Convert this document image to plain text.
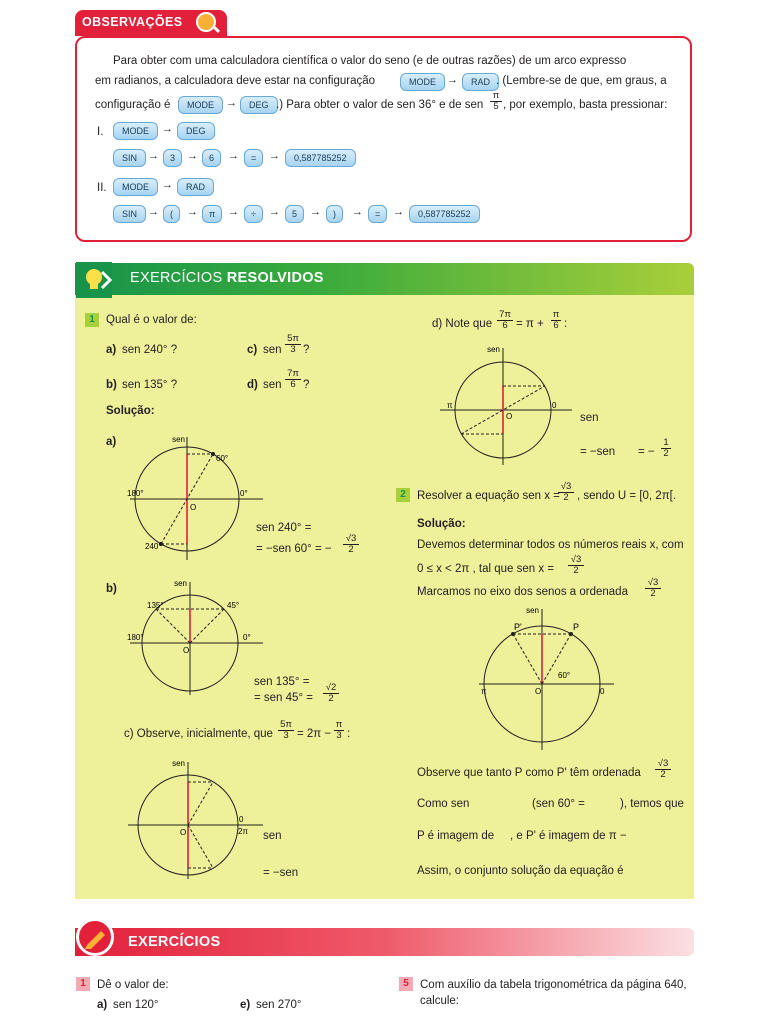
OBSERVAÇÕES
Para obter com uma calculadora científica o valor do seno (e de outras razões) de um arco expresso
em radianos, a calculadora deve estar na configuração	MODE	→	RAD . (Lembre-se de que, em graus, a
configuração é	MODE	→	DEG .) Para obter o valor de sen 36° e de sen $\frac{\pi}{5}$ , por exemplo, basta pressionar:
I.	MODE	→	DEG
SIN →	3	→	6	→	=	→	0,587785252
II.	MODE	→	RAD
SIN →	(	→	π	→	÷	→	5	→	)	→	=	→	0,587785252
EXERCÍCIOS RESOLVIDOS
1 Qual é o valor de:
a) sen 240° ?
b) sen 135° ?
c) sen $\frac{5\pi}{3}$ ?
d) sen $\frac{7\pi}{6}$ ?
Solução:
a)	sen
60°
0°
180°
240°
O
sen 240° =
= −sen 60° = − $\frac{√3}{2}$
b)	sen
135°	45°
180°	0°
O
sen 135° =
= sen $45^\circ = \frac{√2}{2}$
c) Observe, inicialmente, que $\frac{5\pi}{3} = 2\pi - \frac{\pi}{3}$ :
sen
O
0
2π sen
= −sen
d) Note que $\frac{7\pi}{6} = \pi + \frac{\pi}{6}$ :
sen
π	0
O	sen
= −sen = − $\frac{1}{2}$
2 Resolver a equação sen x =
$\frac{√3}{2}$ , sendo U = [0, 2π[.
Solução:
Devemos determinar todos os números reais x, com
0 ≤ x < 2π , tal que sen $x = \frac{√3}{2}$
Marcamos no eixo dos senos a ordenada $\frac{√3}{2}$
sen
P'	P
60°
π	0
O
Observe que tanto P como P' têm ordenada $\frac{√3}{2}$
Como sen	(sen 60° =	), temos que
P é imagem de , e P' é imagem de π −
Assim, o conjunto solução da equação é
EXERCÍCIOS
1 Dê o valor de:
a) sen 120°	e) sen 270°
5 Com auxílio da tabela trigonométrica da página 640,
calcule:
